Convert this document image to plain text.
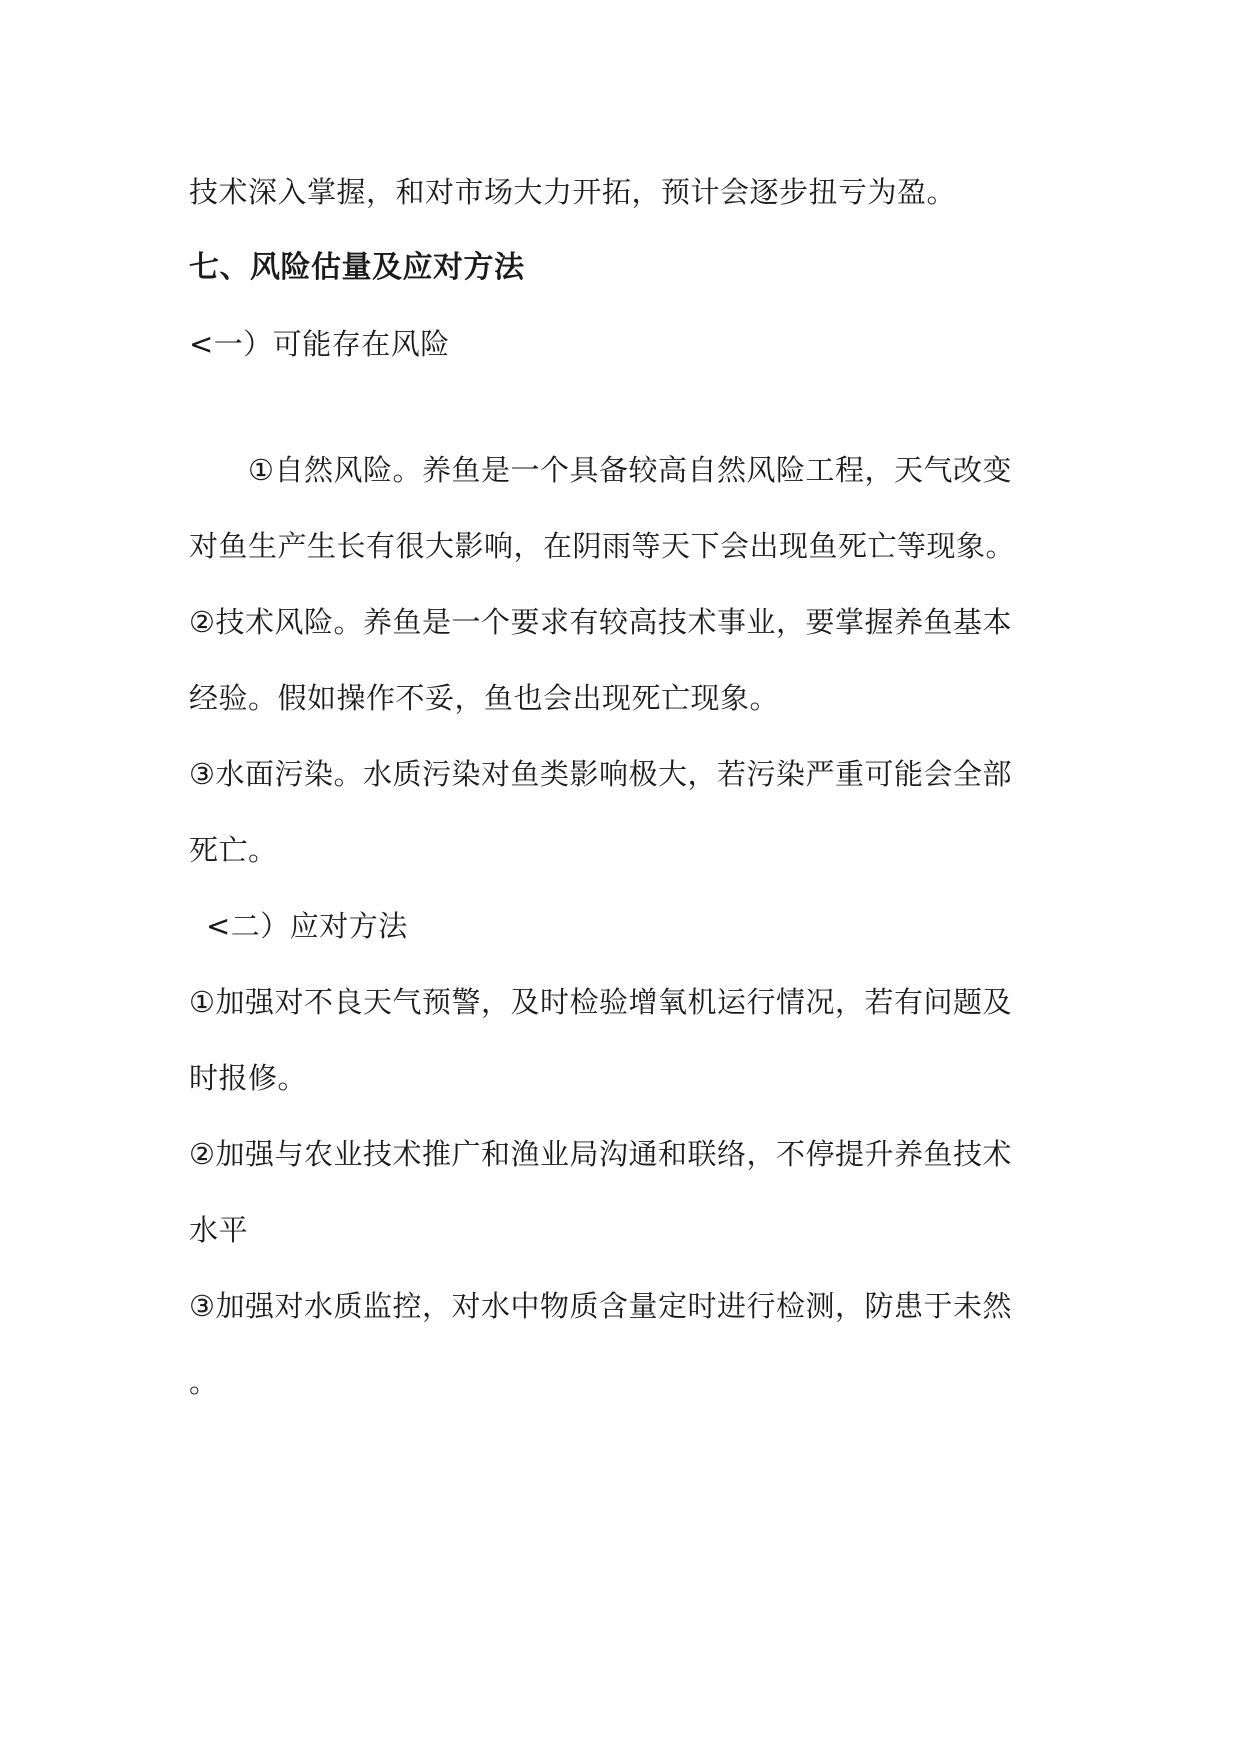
技术深入掌握，和对市场大力开拓，预计会逐步扭亏为盈。
七、风险估量及应对方法
<一）可能存在风险
①自然风险。养鱼是一个具备较高自然风险工程，天气改变
对鱼生产生长有很大影响，在阴雨等天下会出现鱼死亡等现象。
②技术风险。养鱼是一个要求有较高技术事业，要掌握养鱼基本
经验。假如操作不妥，鱼也会出现死亡现象。
③水面污染。水质污染对鱼类影响极大，若污染严重可能会全部
死亡。
<二）应对方法
①加强对不良天气预警，及时检验增氧机运行情况，若有问题及
时报修。
②加强与农业技术推广和渔业局沟通和联络，不停提升养鱼技术
水平
③加强对水质监控，对水中物质含量定时进行检测，防患于未然
。
